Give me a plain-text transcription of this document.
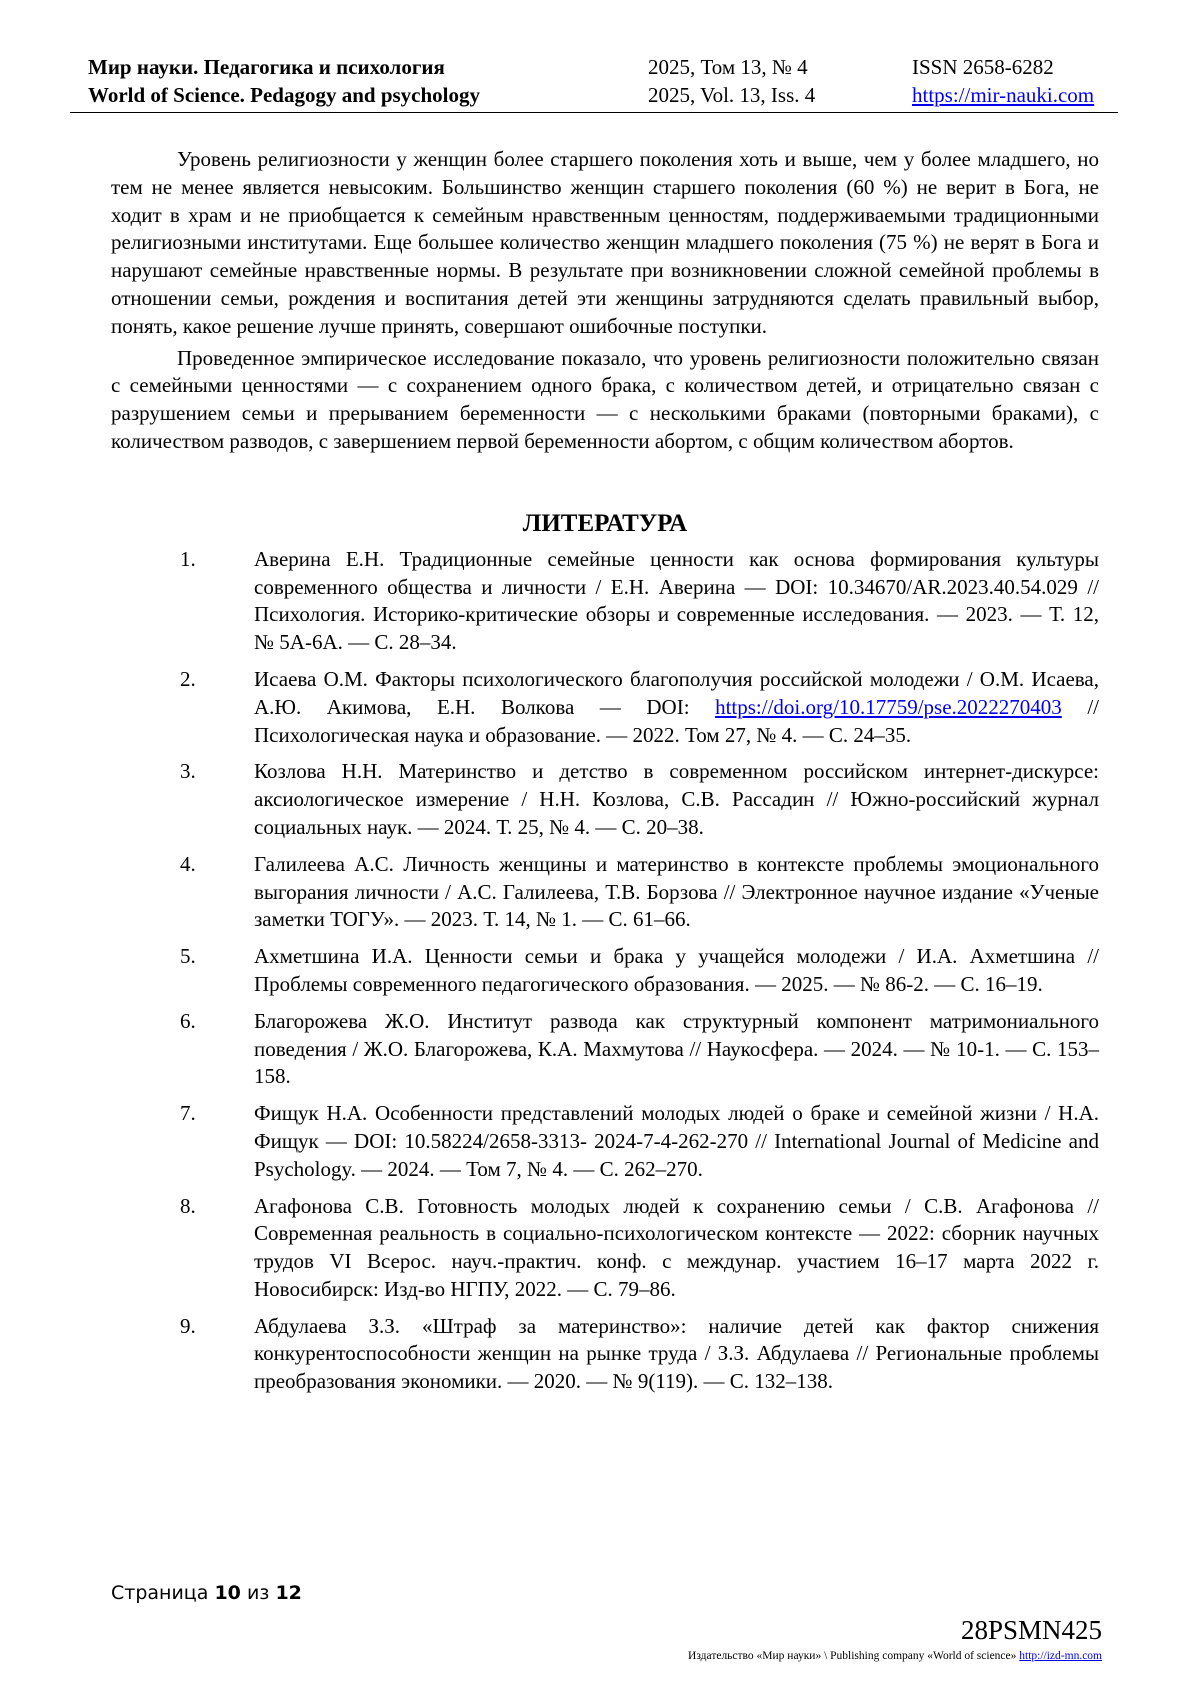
Мир науки. Педагогика и психология
World of Science. Pedagogy and psychology
2025, Том 13, № 4
2025, Vol. 13, Iss. 4
ISSN 2658-6282
https://mir-nauki.com

Уровень религиозности у женщин более старшего поколения хоть и выше, чем у более младшего, но тем не менее является невысоким. Большинство женщин старшего поколения (60 %) не верит в Бога, не ходит в храм и не приобщается к семейным нравственным ценностям, поддерживаемыми традиционными религиозными институтами. Еще большее количество женщин младшего поколения (75 %) не верят в Бога и нарушают семейные нравственные нормы. В результате при возникновении сложной семейной проблемы в отношении семьи, рождения и воспитания детей эти женщины затрудняются сделать правильный выбор, понять, какое решение лучше принять, совершают ошибочные поступки.

Проведенное эмпирическое исследование показало, что уровень религиозности положительно связан с семейными ценностями — с сохранением одного брака, с количеством детей, и отрицательно связан с разрушением семьи и прерыванием беременности — с несколькими браками (повторными браками), с количеством разводов, с завершением первой беременности абортом, с общим количеством абортов.

ЛИТЕРАТУРА
1.	Аверина Е.Н. Традиционные семейные ценности как основа формирования культуры современного общества и личности / Е.Н. Аверина — DOI: 10.34670/AR.2023.40.54.029 // Психология. Историко-критические обзоры и современные исследования. — 2023. — Т. 12, № 5А-6А. — С. 28–34.
2.	Исаева О.М. Факторы психологического благополучия российской молодежи / О.М. Исаева, А.Ю. Акимова, Е.Н. Волкова — DOI: https://doi.org/10.17759/pse.2022270403 // Психологическая наука и образование. — 2022. Том 27, № 4. — С. 24–35.
3.	Козлова Н.Н. Материнство и детство в современном российском интернет-дискурсе: аксиологическое измерение / Н.Н. Козлова, С.В. Рассадин // Южно-российский журнал социальных наук. — 2024. Т. 25, № 4. — С. 20–38.
4.	Галилеева А.С. Личность женщины и материнство в контексте проблемы эмоционального выгорания личности / А.С. Галилеева, Т.В. Борзова // Электронное научное издание «Ученые заметки ТОГУ». — 2023. Т. 14, № 1. — С. 61–66.
5.	Ахметшина И.А. Ценности семьи и брака у учащейся молодежи / И.А. Ахметшина // Проблемы современного педагогического образования. — 2025. — № 86-2. — С. 16–19.
6.	Благорожева Ж.О. Институт развода как структурный компонент матримониального поведения / Ж.О. Благорожева, К.А. Махмутова // Наукосфера. — 2024. — № 10-1. — С. 153–158.
7.	Фищук Н.А. Особенности представлений молодых людей о браке и семейной жизни / Н.А. Фищук — DOI: 10.58224/2658-3313- 2024-7-4-262-270 // International Journal of Medicine and Psychology. — 2024. — Том 7, № 4. — С. 262–270.
8.	Агафонова С.В. Готовность молодых людей к сохранению семьи / С.В. Агафонова // Современная реальность в социально-психологическом контексте — 2022: сборник научных трудов VI Всерос. науч.-практич. конф. с междунар. участием 16–17 марта 2022 г. Новосибирск: Изд-во НГПУ, 2022. — С. 79–86.
9.	Абдулаева З.З. «Штраф за материнство»: наличие детей как фактор снижения конкурентоспособности женщин на рынке труда / З.З. Абдулаева // Региональные проблемы преобразования экономики. — 2020. — № 9(119). — С. 132–138.
Страница 10 из 12
28PSMN425
Издательство «Мир науки» \ Publishing company «World of science» http://izd-mn.com
